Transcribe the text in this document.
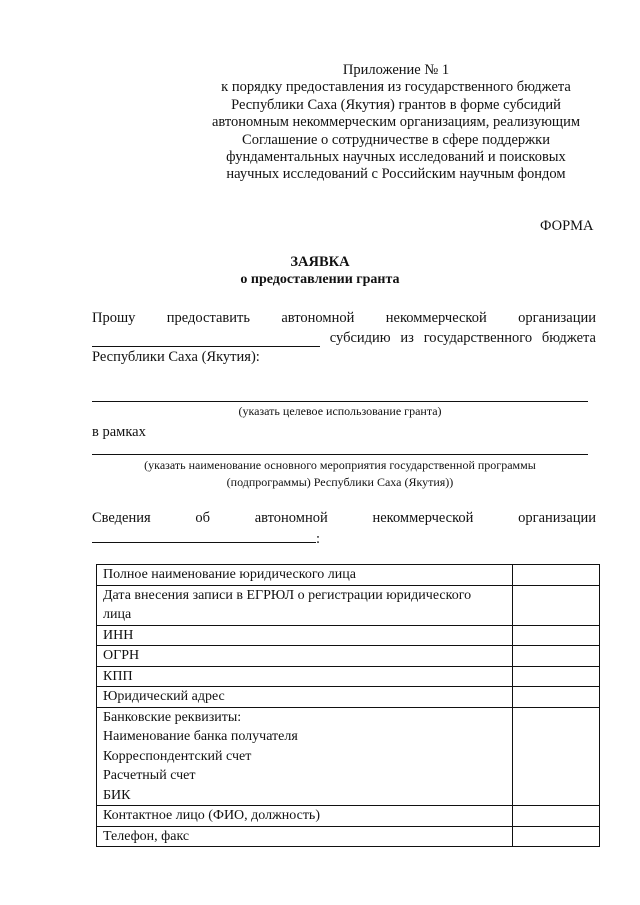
Приложение № 1
к порядку предоставления из государственного бюджета
Республики Саха (Якутия) грантов в форме субсидий
автономным некоммерческим организациям, реализующим
Соглашение о сотрудничестве в сфере поддержки
фундаментальных научных исследований и поисковых
научных исследований с Российским научным фондом
ФОРМА
ЗАЯВКА
о предоставлении гранта
Прошу предоставить автономной некоммерческой организации
субсидию из государственного бюджета
Республики Саха (Якутия):
(указать целевое использование гранта)
в рамках
(указать наименование основного мероприятия государственной программы
(подпрограммы) Республики Саха (Якутия))
Сведения	об	автономной	некоммерческой	организации
:
Полное наименование юридического лица	

Дата внесения записи в ЕГРЮЛ о регистрации юридического
лица	

ИНН	

ОГРН	

КПП	

Юридический адрес	

Банковские реквизиты:
Наименование банка получателя
Корреспондентский счет
Расчетный счет
БИК	

Контактное лицо (ФИО, должность)	

Телефон, факс	
